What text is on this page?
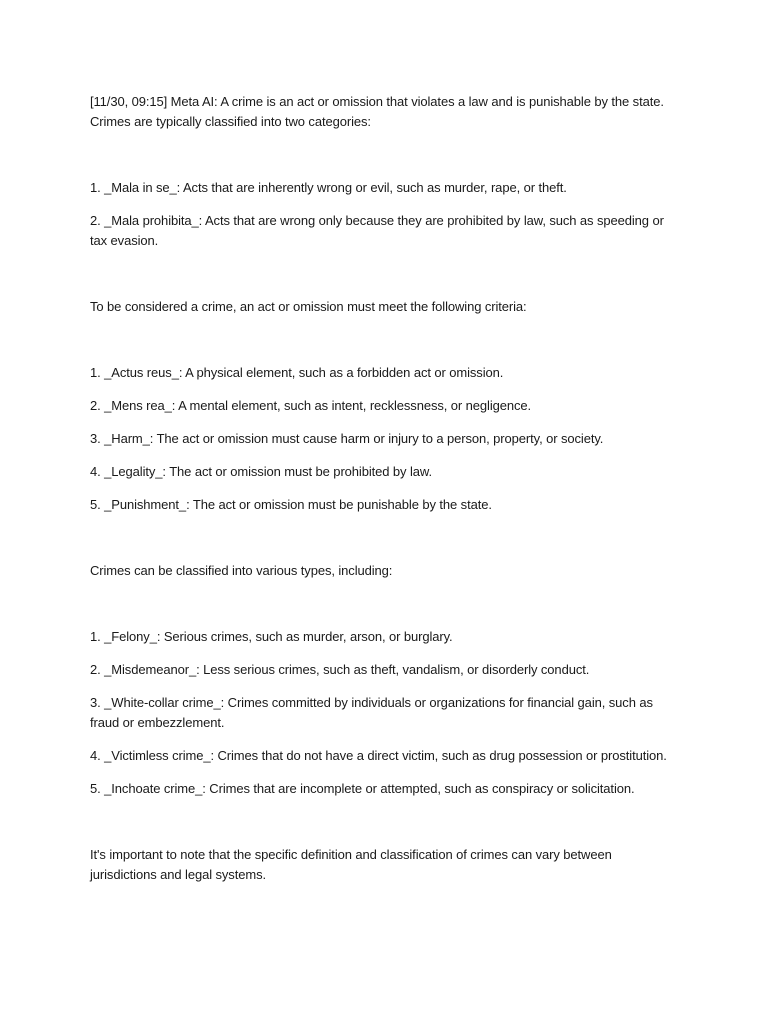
[11/30, 09:15] Meta AI: A crime is an act or omission that violates a law and is punishable by the state. Crimes are typically classified into two categories:

1. _Mala in se_: Acts that are inherently wrong or evil, such as murder, rape, or theft.

2. _Mala prohibita_: Acts that are wrong only because they are prohibited by law, such as speeding or tax evasion.

To be considered a crime, an act or omission must meet the following criteria:

1. _Actus reus_: A physical element, such as a forbidden act or omission.

2. _Mens rea_: A mental element, such as intent, recklessness, or negligence.

3. _Harm_: The act or omission must cause harm or injury to a person, property, or society.

4. _Legality_: The act or omission must be prohibited by law.

5. _Punishment_: The act or omission must be punishable by the state.

Crimes can be classified into various types, including:

1. _Felony_: Serious crimes, such as murder, arson, or burglary.

2. _Misdemeanor_: Less serious crimes, such as theft, vandalism, or disorderly conduct.

3. _White-collar crime_: Crimes committed by individuals or organizations for financial gain, such as fraud or embezzlement.

4. _Victimless crime_: Crimes that do not have a direct victim, such as drug possession or prostitution.

5. _Inchoate crime_: Crimes that are incomplete or attempted, such as conspiracy or solicitation.

It's important to note that the specific definition and classification of crimes can vary between jurisdictions and legal systems.
